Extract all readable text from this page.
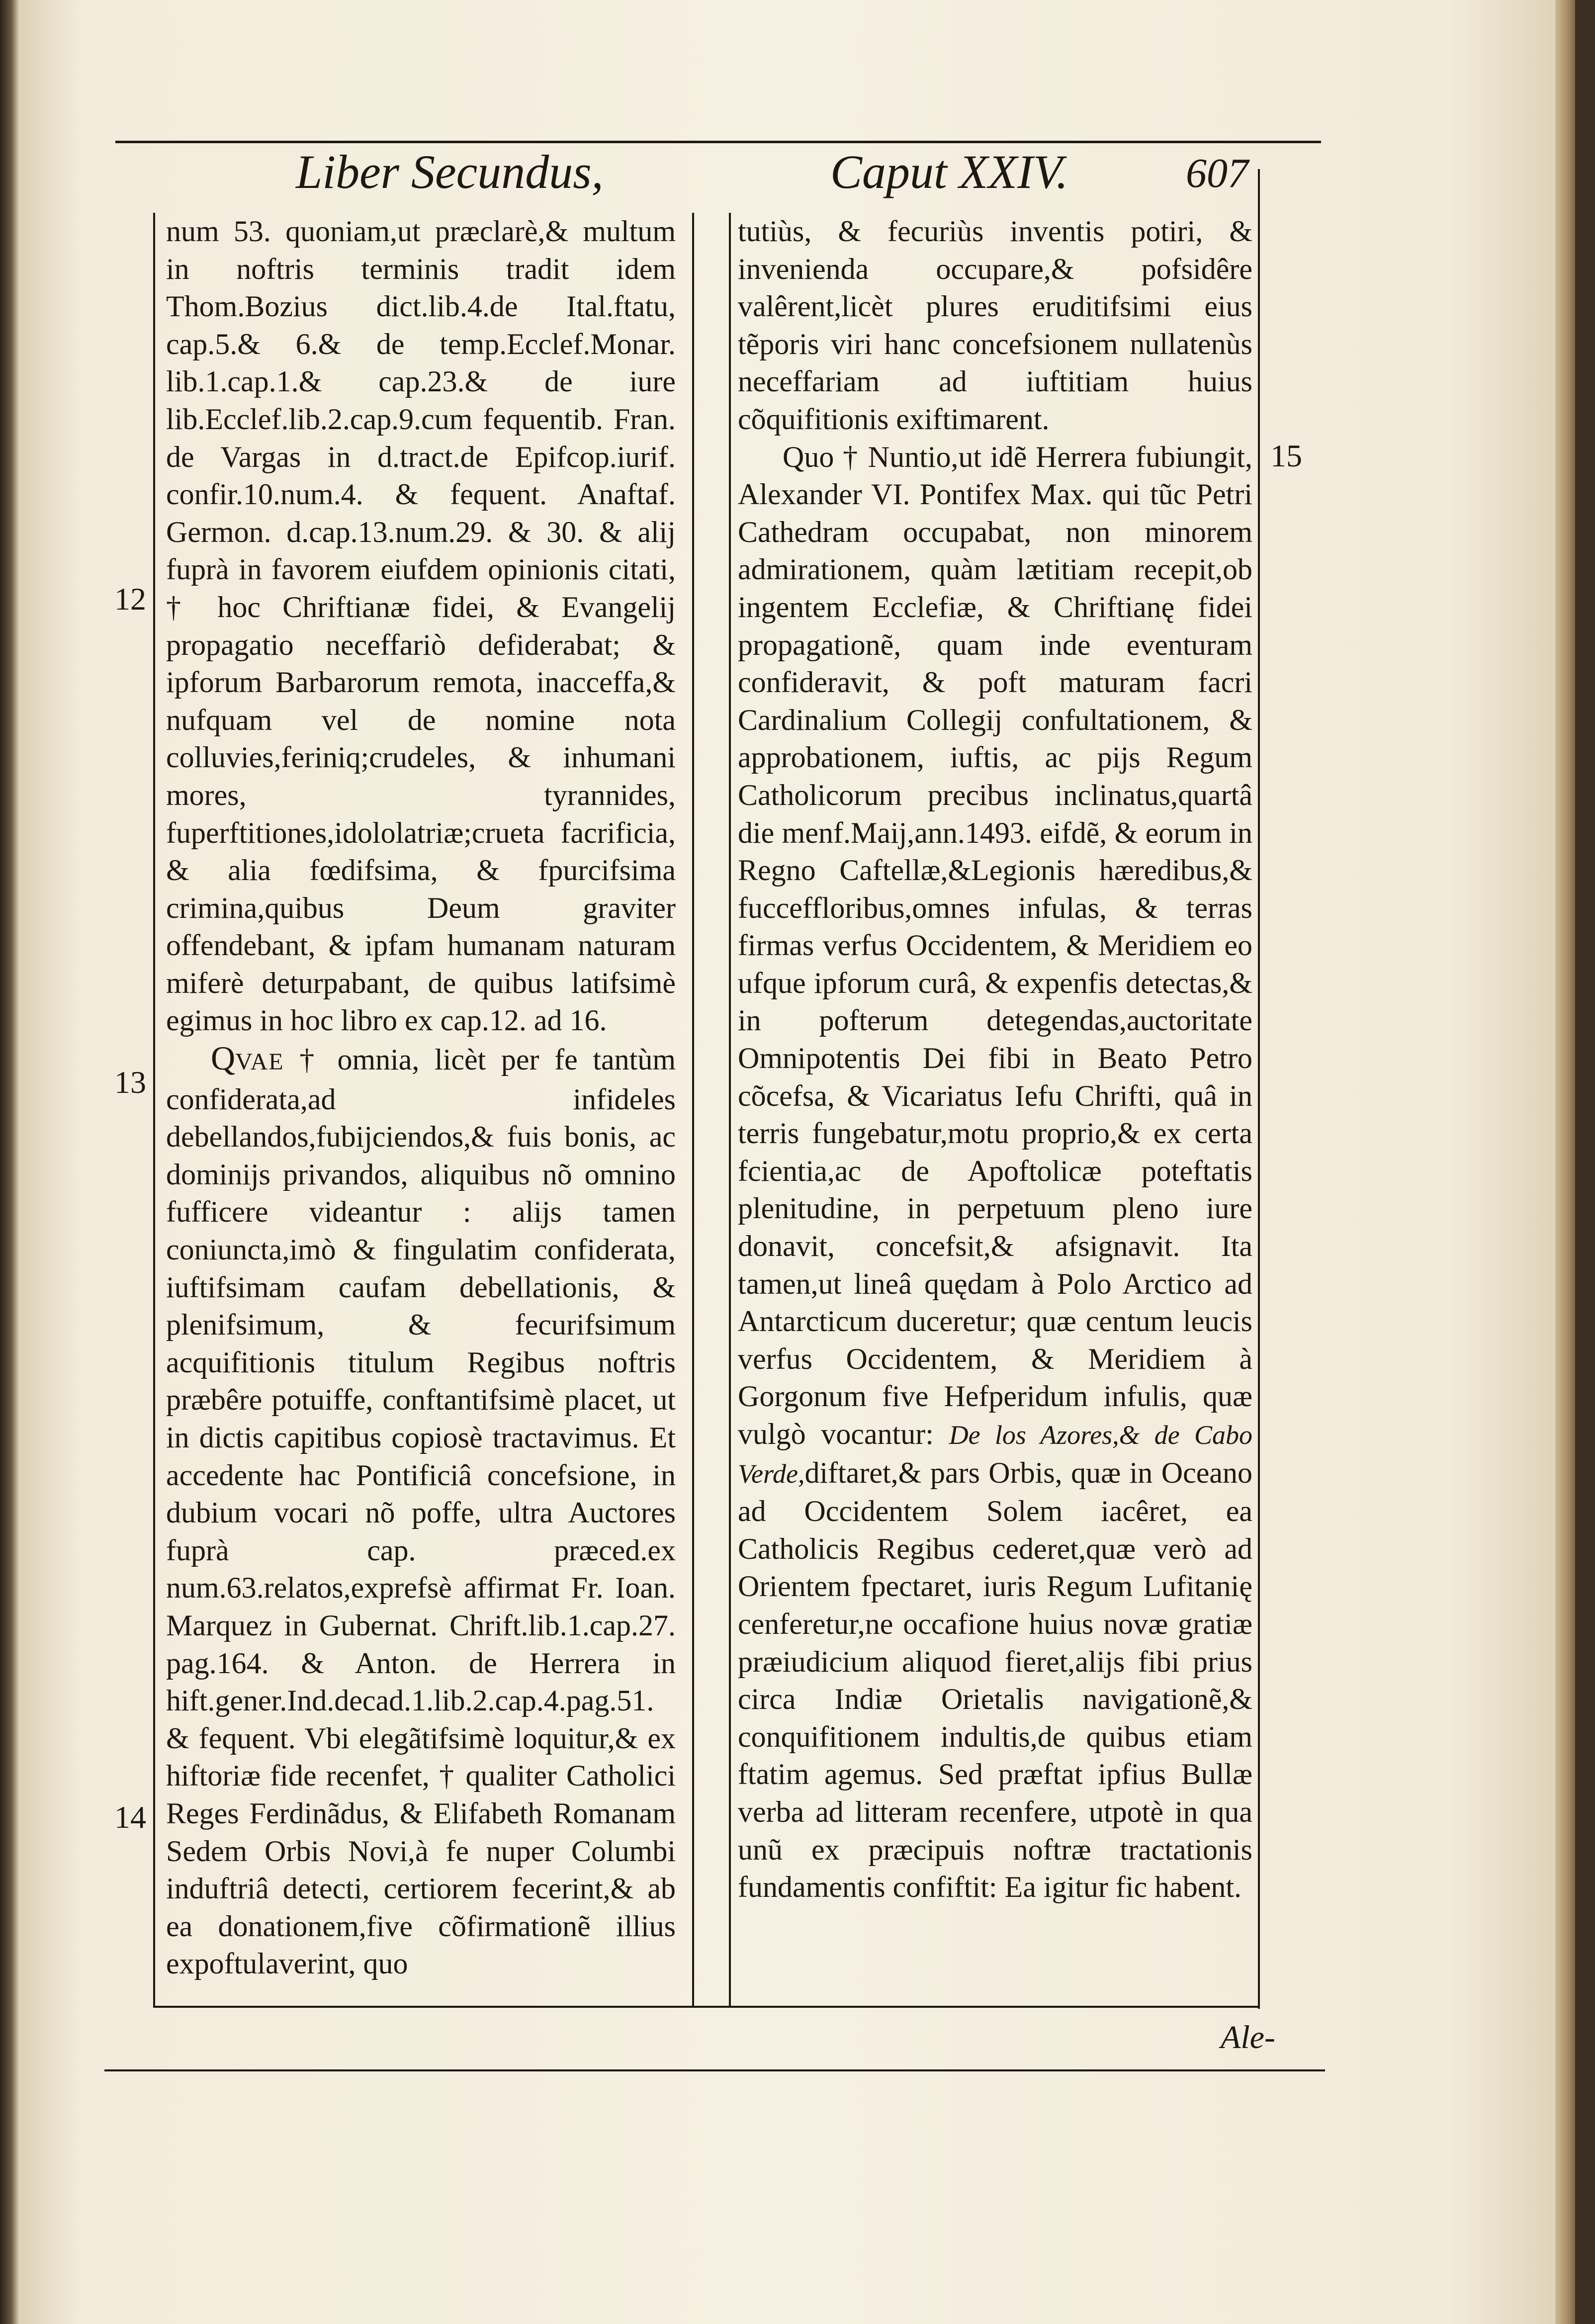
Liber Secundus,	Caput XXIV.	607
12
13
14
15

num 53. quoniam,ut præclarè,& multum in noftris terminis tradit idem Thom.Bozius dict.lib.4.de Ital.ftatu, cap.5.& 6.& de temp.Ecclef.Monar. lib.1.cap.1.& cap.23.& de iure lib.Ecclef.lib.2.cap.9.cum fequentib. Fran. de Vargas in d.tract.de Epifcop.iurif. confir.10.num.4. & fequent. Anaftaf. Germon. d.cap.13.num.29. & 30. & alij fuprà in favorem eiufdem opinionis citati, † hoc Chriftianæ fidei, & Evangelij propagatio neceffariò defiderabat; & ipforum Barbarorum remota, inacceffa,& nufquam vel de nomine nota colluvies,feriniq;crudeles, & inhumani mores, tyrannides, fuperftitiones,idololatriæ;crueta facrificia, & alia fœdifsima, & fpurcifsima crimina,quibus Deum graviter offendebant, & ipfam humanam naturam miferè deturpabant, de quibus latifsimè egimus in hoc libro ex cap.12. ad 16.

QVAE † omnia, licèt per fe tantùm confiderata,ad infideles debellandos,fubijciendos,& fuis bonis, ac dominijs privandos, aliquibus nõ omnino fufficere videantur : alijs tamen coniuncta,imò & fingulatim confiderata, iuftifsimam caufam debellationis, & plenifsimum, & fecurifsimum acquifitionis titulum Regibus noftris præbêre potuiffe, conftantifsimè placet, ut in dictis capitibus copiosè tractavimus. Et accedente hac Pontificiâ concefsione, in dubium vocari nõ poffe, ultra Auctores fuprà cap. præced.ex num.63.relatos,exprefsè affirmat Fr. Ioan. Marquez in Gubernat. Chrift.lib.1.cap.27. pag.164. & Anton. de Herrera in hift.gener.Ind.decad.1.lib.2.cap.4.pag.51. & fequent. Vbi elegãtifsimè loquitur,& ex hiftoriæ fide recenfet, † qualiter Catholici Reges Ferdinãdus, & Elifabeth Romanam Sedem Orbis Novi,à fe nuper Columbi induftriâ detecti, certiorem fecerint,& ab ea donationem,five cõfirmationẽ illius expoftulaverint, quo

tutiùs, & fecuriùs inventis potiri, & invenienda occupare,& pofsidêre valêrent,licèt plures eruditifsimi eius tẽporis viri hanc concefsionem nullatenùs neceffariam ad iuftitiam huius cõquifitionis exiftimarent.

Quo † Nuntio,ut idẽ Herrera fubiungit, Alexander VI. Pontifex Max. qui tũc Petri Cathedram occupabat, non minorem admirationem, quàm lætitiam recepit,ob ingentem Ecclefiæ, & Chriftianę fidei propagationẽ, quam inde eventuram confideravit, & poft maturam facri Cardinalium Collegij confultationem, & approbationem, iuftis, ac pijs Regum Catholicorum precibus inclinatus,quartâ die menf.Maij,ann.1493. eifdẽ, & eorum in Regno Caftellæ,&Legionis hæredibus,& fucceffloribus,omnes infulas, & terras firmas verfus Occidentem, & Meridiem eo ufque ipforum curâ, & expenfis detectas,& in pofterum detegendas,auctoritate Omnipotentis Dei fibi in Beato Petro cõcefsa, & Vicariatus Iefu Chrifti, quâ in terris fungebatur,motu proprio,& ex certa fcientia,ac de Apoftolicæ poteftatis plenitudine, in perpetuum pleno iure donavit, concefsit,& afsignavit. Ita tamen,ut lineâ quędam à Polo Arctico ad Antarcticum duceretur; quæ centum leucis verfus Occidentem, & Meridiem à Gorgonum five Hefperidum infulis, quæ vulgò vocantur: De los Azores,& de Cabo Verde,diftaret,& pars Orbis, quæ in Oceano ad Occidentem Solem iacêret, ea Catholicis Regibus cederet,quæ verò ad Orientem fpectaret, iuris Regum Lufitanię cenferetur,ne occafione huius novæ gratiæ præiudicium aliquod fieret,alijs fibi prius circa Indiæ Orietalis navigationẽ,& conquifitionem indultis,de quibus etiam ftatim agemus. Sed præftat ipfius Bullæ verba ad litteram recenfere, utpotè in qua unũ ex præcipuis noftræ tractationis fundamentis confiftit: Ea igitur fic habent.

Ale-
